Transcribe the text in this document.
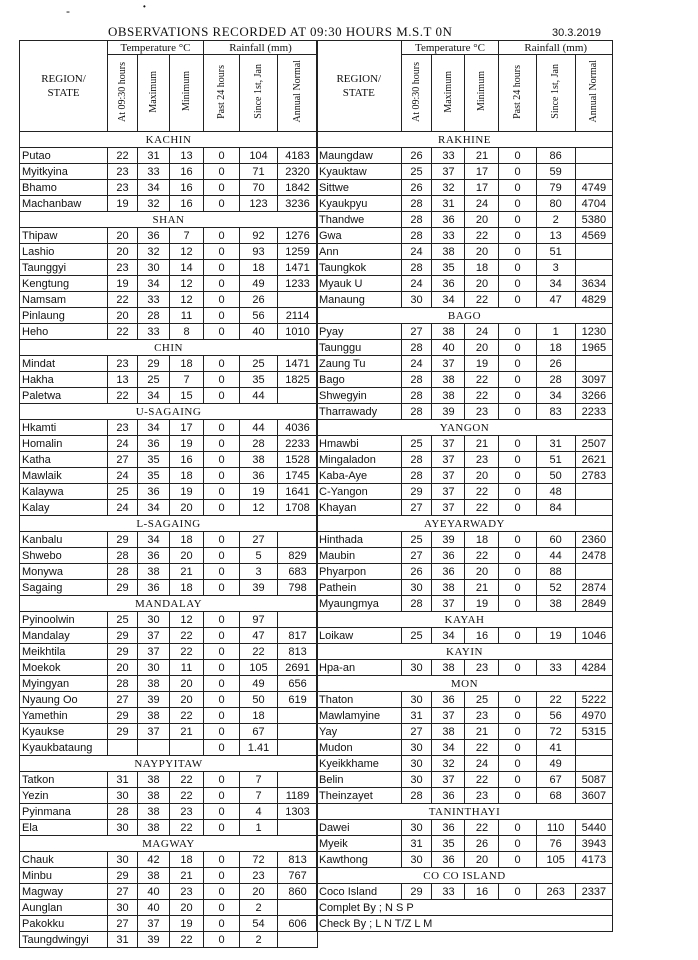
-	•
OBSERVATIONS RECORDED AT 09:30 HOURS M.S.T 0N	30.3.2019
REGION/
STATE	Temperature °C			Rainfall (mm)		
	At 09:30 hours	Maximum	Minimum	Past 24 hours	Since 1st, Jan	Annual Normal
KACHIN						
Putao	22	31	13	0	104	4183
Myitkyina	23	33	16	0	71	2320
Bhamo	23	34	16	0	70	1842
Machanbaw	19	32	16	0	123	3236
SHAN						
Thipaw	20	36	7	0	92	1276
Lashio	20	32	12	0	93	1259
Taunggyi	23	30	14	0	18	1471
Kengtung	19	34	12	0	49	1233
Namsam	22	33	12	0	26	
Pinlaung	20	28	11	0	56	2114
Heho	22	33	8	0	40	1010
CHIN						
Mindat	23	29	18	0	25	1471
Hakha	13	25	7	0	35	1825
Paletwa	22	34	15	0	44	
U-SAGAING						
Hkamti	23	34	17	0	44	4036
Homalin	24	36	19	0	28	2233
Katha	27	35	16	0	38	1528
Mawlaik	24	35	18	0	36	1745
Kalaywa	25	36	19	0	19	1641
Kalay	24	34	20	0	12	1708
L-SAGAING						
Kanbalu	29	34	18	0	27	
Shwebo	28	36	20	0	5	829
Monywa	28	38	21	0	3	683
Sagaing	29	36	18	0	39	798
MANDALAY						
Pyinoolwin	25	30	12	0	97	
Mandalay	29	37	22	0	47	817
Meikhtila	29	37	22	0	22	813
Moekok	20	30	11	0	105	2691
Myingyan	28	38	20	0	49	656
Nyaung Oo	27	39	20	0	50	619
Yamethin	29	38	22	0	18	
Kyaukse	29	37	21	0	67	
Kyaukbataung				0	1.41	
NAYPYITAW						
Tatkon	31	38	22	0	7	
Yezin	30	38	22	0	7	1189
Pyinmana	28	38	23	0	4	1303
Ela	30	38	22	0	1	
MAGWAY						
Chauk	30	42	18	0	72	813
Minbu	29	38	21	0	23	767
Magway	27	40	23	0	20	860
Aunglan	30	40	20	0	2	
Pakokku	27	37	19	0	54	606
Taungdwingyi	31	39	22	0	2	
REGION/
STATE	Temperature °C			Rainfall (mm)		
	At 09:30 hours	Maximum	Minimum	Past 24 hours	Since 1st, Jan	Annual Normal
RAKHINE						
Maungdaw	26	33	21	0	86	
Kyauktaw	25	37	17	0	59	
Sittwe	26	32	17	0	79	4749
Kyaukpyu	28	31	24	0	80	4704
Thandwe	28	36	20	0	2	5380
Gwa	28	33	22	0	13	4569
Ann	24	38	20	0	51	
Taungkok	28	35	18	0	3	
Myauk U	24	36	20	0	34	3634
Manaung	30	34	22	0	47	4829
BAGO						
Pyay	27	38	24	0	1	1230
Taunggu	28	40	20	0	18	1965
Zaung Tu	24	37	19	0	26	
Bago	28	38	22	0	28	3097
Shwegyin	28	38	22	0	34	3266
Tharrawady	28	39	23	0	83	2233
YANGON						
Hmawbi	25	37	21	0	31	2507
Mingaladon	28	37	23	0	51	2621
Kaba-Aye	28	37	20	0	50	2783
C-Yangon	29	37	22	0	48	
Khayan	27	37	22	0	84	
AYEYARWADY						
Hinthada	25	39	18	0	60	2360
Maubin	27	36	22	0	44	2478
Phyarpon	26	36	20	0	88	
Pathein	30	38	21	0	52	2874
Myaungmya	28	37	19	0	38	2849
KAYAH						
Loikaw	25	34	16	0	19	1046
KAYIN						
Hpa-an	30	38	23	0	33	4284
MON						
Thaton	30	36	25	0	22	5222
Mawlamyine	31	37	23	0	56	4970
Yay	27	38	21	0	72	5315
Mudon	30	34	22	0	41	
Kyeikkhame	30	32	24	0	49	
Belin	30	37	22	0	67	5087
Theinzayet	28	36	23	0	68	3607
TANINTHAYI						
Dawei	30	36	22	0	110	5440
Myeik	31	35	26	0	76	3943
Kawthong	30	36	20	0	105	4173
CO CO ISLAND						
Coco Island	29	33	16	0	263	2337
Complet By ; N S P						
Check By ; L N T/Z L M						
